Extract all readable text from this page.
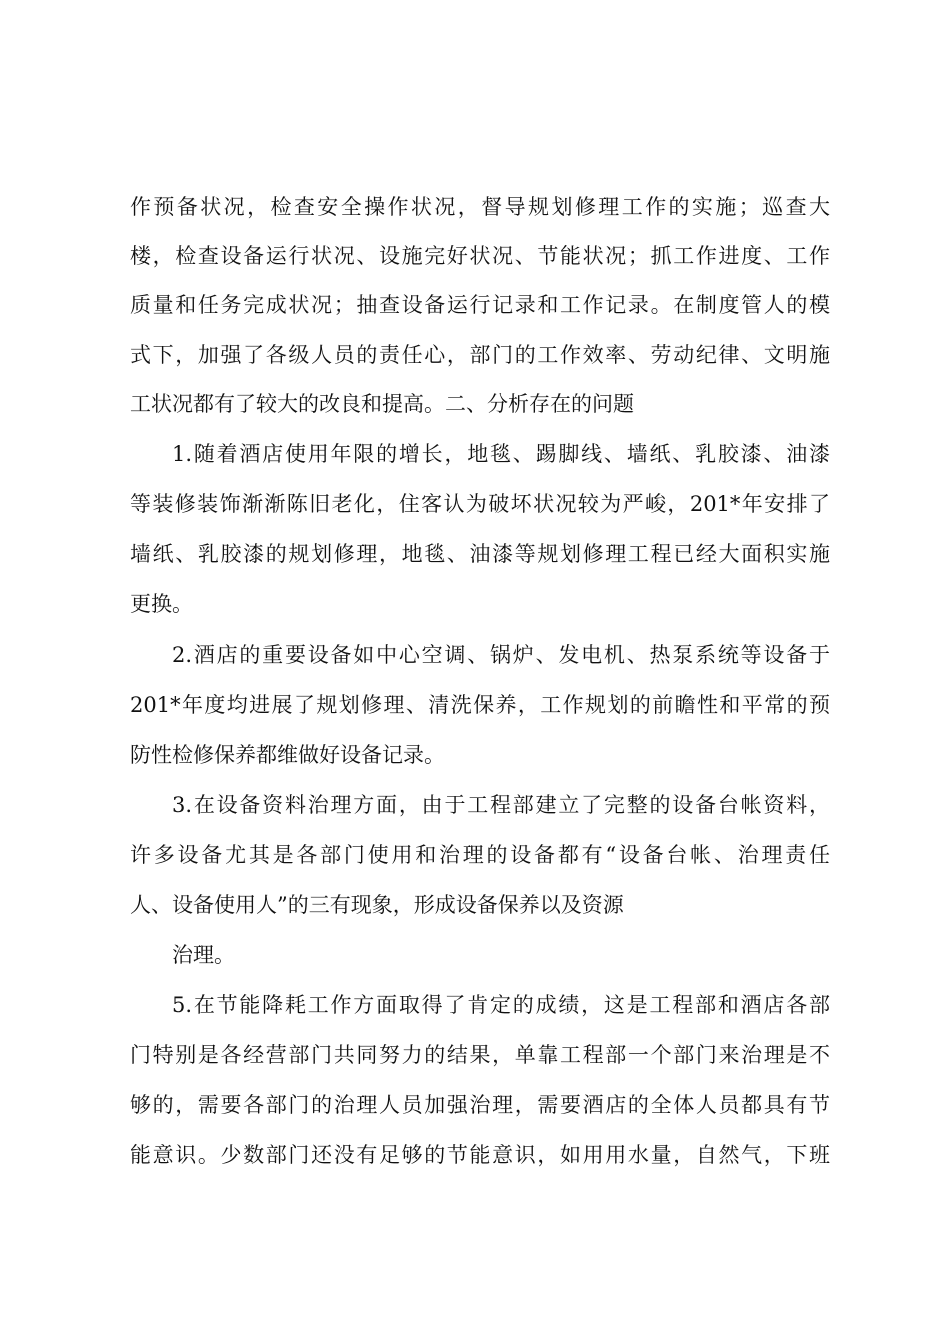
作预备状况，检查安全操作状况，督导规划修理工作的实施；巡查大
楼，检查设备运行状况、设施完好状况、节能状况；抓工作进度、工作
质量和任务完成状况；抽查设备运行记录和工作记录。在制度管人的模
式下，加强了各级人员的责任心，部门的工作效率、劳动纪律、文明施
工状况都有了较大的改良和提高。二、分析存在的问题
1.随着酒店使用年限的增长，地毯、踢脚线、墙纸、乳胶漆、油漆
等装修装饰渐渐陈旧老化，住客认为破坏状况较为严峻，201*年安排了
墙纸、乳胶漆的规划修理，地毯、油漆等规划修理工程已经大面积实施
更换。
2.酒店的重要设备如中心空调、锅炉、发电机、热泵系统等设备于
201*年度均进展了规划修理、清洗保养，工作规划的前瞻性和平常的预
防性检修保养都维做好设备记录。
3.在设备资料治理方面，由于工程部建立了完整的设备台帐资料，
许多设备尤其是各部门使用和治理的设备都有“设备台帐、治理责任
人、设备使用人”的三有现象，形成设备保养以及资源
治理。
5.在节能降耗工作方面取得了肯定的成绩，这是工程部和酒店各部
门特别是各经营部门共同努力的结果，单靠工程部一个部门来治理是不
够的，需要各部门的治理人员加强治理，需要酒店的全体人员都具有节
能意识。少数部门还没有足够的节能意识，如用用水量，自然气，下班
